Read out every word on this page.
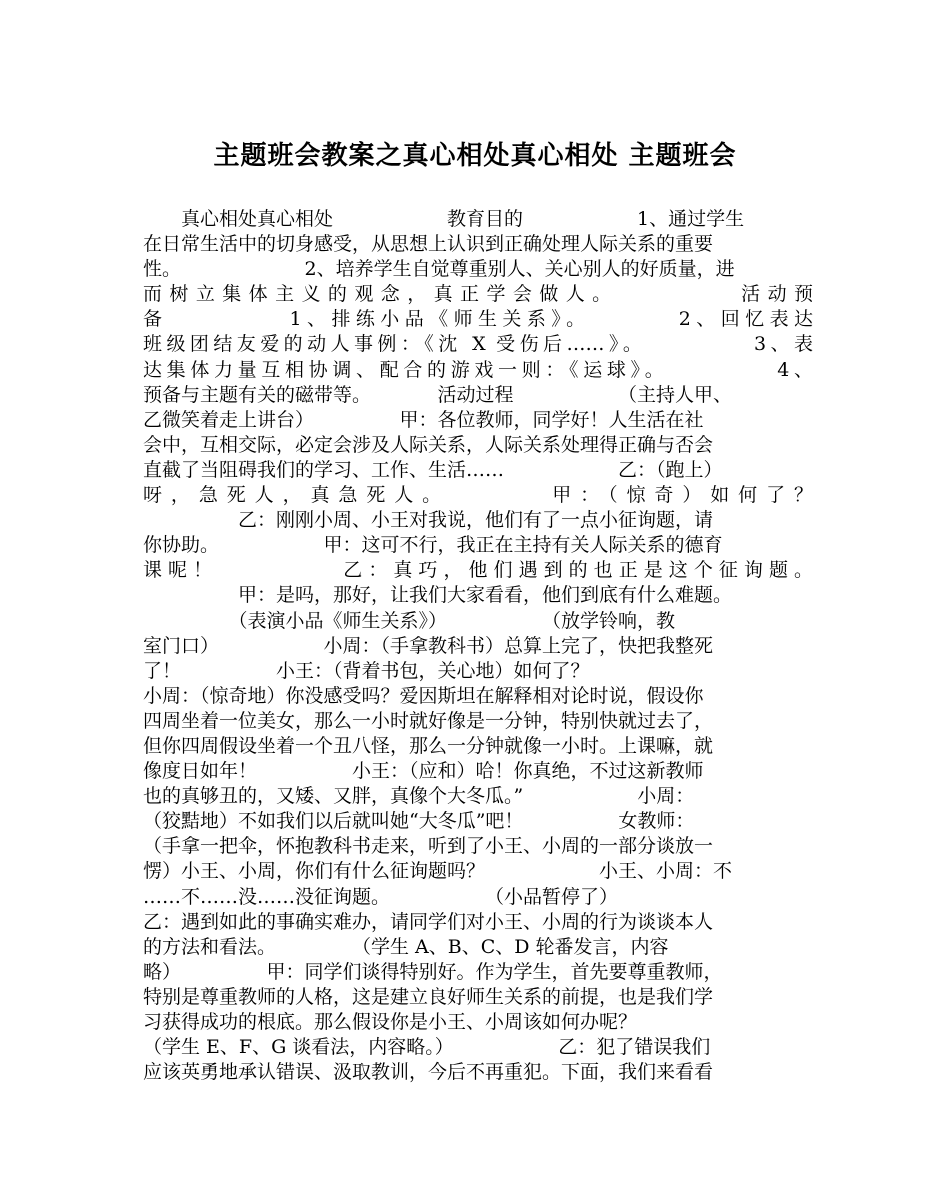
主题班会教案之真心相处真心相处 主题班会
　　真心相处真心相处　　　　　　教育目的　　　　　　1、通过学生
在日常生活中的切身感受，从思想上认识到正确处理人际关系的重要
性。　　　　　　　2、培养学生自觉尊重别人、关心别人的好质量，进
而树立集体主义的观念，真正学会做人。　　　　　活动预
备　　　　　1、排练小品《师生关系》。　　　　2、回忆表达
班级团结友爱的动人事例：《沈 X 受伤后……》。　　　　　3、表
达集体力量互相协调、配合的游戏一则：《运球》。　　　　　4、
预备与主题有关的磁带等。　　　　活动过程　　　　　　（主持人甲、
乙微笑着走上讲台）　　　　　甲：各位教师，同学好！人生活在社
会中，互相交际，必定会涉及人际关系，人际关系处理得正确与否会
直截了当阻碍我们的学习、工作、生活……　　　　　　乙：（跑上）
呀，急死人，真急死人。　　　　甲：（惊奇）如何了？
　　　　　乙：刚刚小周、小王对我说，他们有了一点小征询题，请
你协助。　　　　　　甲：这可不行，我正在主持有关人际关系的德育
课呢！　　　　　乙：真巧，他们遇到的也正是这个征询题。
　　　　　甲：是吗，那好，让我们大家看看，他们到底有什么难题。
　　　　　（表演小品《师生关系》）　　　　　　（放学铃响，教
室门口）　　　　　　小周：（手拿教科书）总算上完了，快把我整死
了！　　　　　小王：（背着书包，关心地）如何了？
小周：（惊奇地）你没感受吗？爱因斯坦在解释相对论时说，假设你
四周坐着一位美女，那么一小时就好像是一分钟，特别快就过去了，
但你四周假设坐着一个丑八怪，那么一分钟就像一小时。上课嘛，就
像度日如年！　　　　　小王：（应和）哈！你真绝，不过这新教师
也的真够丑的，又矮、又胖，真像个大冬瓜。”　　　　　　小周：
（狡黠地）不如我们以后就叫她“大冬瓜”吧！　　　　　女教师：
（手拿一把伞，怀抱教科书走来，听到了小王、小周的一部分谈放一
愣）小王、小周，你们有什么征询题吗？　　　　　　小王、小周：不
……不……没……没征询题。　　　　　　（小品暂停了）
乙：遇到如此的事确实难办，请同学们对小王、小周的行为谈谈本人
的方法和看法。　　　　　（学生 A、B、C、D 轮番发言，内容
略）　　　　　甲：同学们谈得特别好。作为学生，首先要尊重教师，
特别是尊重教师的人格，这是建立良好师生关系的前提，也是我们学
习获得成功的根底。那么假设你是小王、小周该如何办呢？
（学生 E、F、G 谈看法，内容略。）　　　　　　乙：犯了错误我们
应该英勇地承认错误、汲取教训，今后不再重犯。下面，我们来看看
